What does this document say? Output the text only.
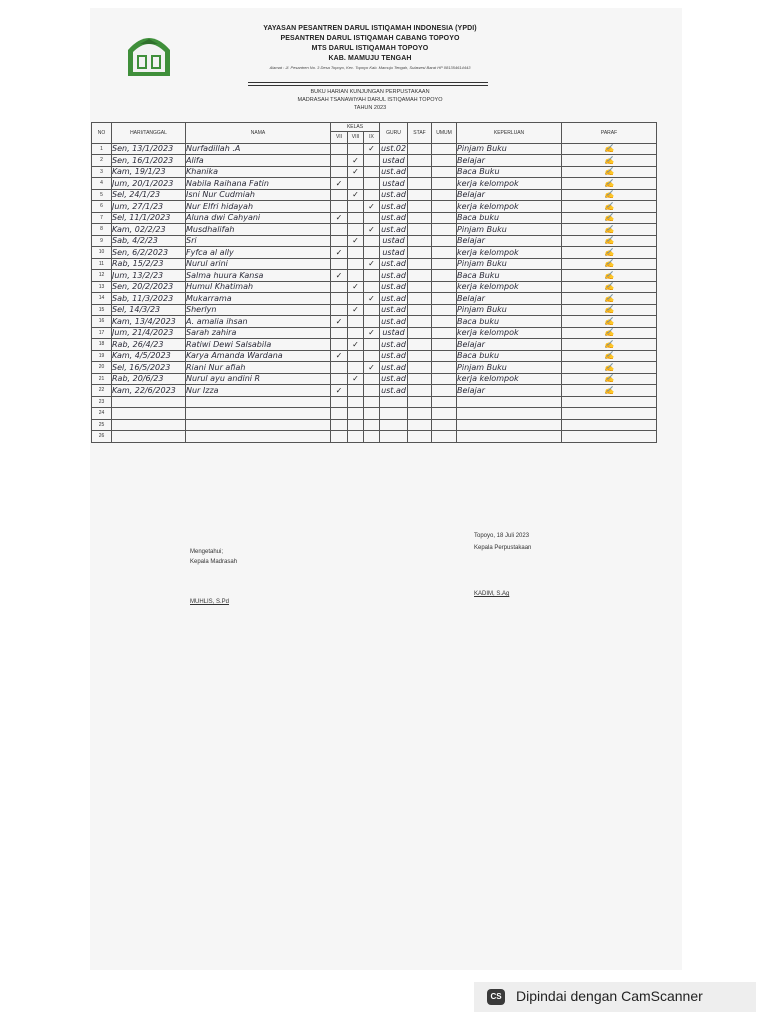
YAYASAN PESANTREN DARUL ISTIQAMAH INDONESIA (YPDI)
PESANTREN DARUL ISTIQAMAH CABANG TOPOYO
MTS DARUL ISTIQAMAH TOPOYO
KAB. MAMUJU TENGAH
Alamat : Jl. Pesantren No. 3 Desa Topoyo, Kec. Topoyo Kab. Mamuju Tengah, Sulawesi Barat HP 081354614443
BUKU HARIAN KUNJUNGAN PERPUSTAKAAN
MADRASAH TSANAWIYAH DARUL ISTIQAMAH TOPOYO
TAHUN 2023
NO	HARI/TANGGAL	NAMA	KELAS			GURU	STAF	UMUM	KEPERLUAN	PARAF
			VII	VIII	IX					
1	Sen, 13/1/2023	Nurfadillah .A			✓	ust.02			Pinjam Buku	✍
2	Sen, 16/1/2023	Alifa		✓		ustad			Belajar	✍
3	Kam, 19/1/23	Khanika		✓		ust.ad			Baca Buku	✍
4	Jum, 20/1/2023	Nabila Raihana Fatin	✓			ustad			kerja kelompok	✍
5	Sel, 24/1/23	Isni Nur Cudmiah		✓		ust.ad			Belajar	✍
6	Jum, 27/1/23	Nur Elfri hidayah			✓	ust.ad			kerja kelompok	✍
7	Sel, 11/1/2023	Aluna dwi Cahyani	✓			ust.ad			Baca buku	✍
8	Kam, 02/2/23	Musdhalifah			✓	ust.ad			Pinjam Buku	✍
9	Sab, 4/2/23	Sri		✓		ustad			Belajar	✍
10	Sen, 6/2/2023	Fyfca al ally	✓			ustad			kerja kelompok	✍
11	Rab, 15/2/23	Nurul arini			✓	ust.ad			Pinjam Buku	✍
12	Jum, 13/2/23	Salma huura Kansa	✓			ust.ad			Baca Buku	✍
13	Sen, 20/2/2023	Humul Khatimah		✓		ust.ad			kerja kelompok	✍
14	Sab, 11/3/2023	Mukarrama			✓	ust.ad			Belajar	✍
15	Sel, 14/3/23	Sherlyn		✓		ust.ad			Pinjam Buku	✍
16	Kam, 13/4/2023	A. amalia ihsan	✓			ust.ad			Baca buku	✍
17	Jum, 21/4/2023	Sarah zahira			✓	ustad			kerja kelompok	✍
18	Rab, 26/4/23	Ratiwi Dewi Salsabila		✓		ust.ad			Belajar	✍
19	Kam, 4/5/2023	Karya Amanda Wardana	✓			ust.ad			Baca buku	✍
20	Sel, 16/5/2023	Riani Nur afiah			✓	ust.ad			Pinjam Buku	✍
21	Rab, 20/6/23	Nurul ayu andini R		✓		ust.ad			kerja kelompok	✍
22	Kam, 22/6/2023	Nur Izza	✓			ust.ad			Belajar	✍
23										
24										
25										
26										
Topoyo, 18 Juli 2023
Kepala Perpustakaan
KADIM, S.Ag
Mengetahui;
Kepala Madrasah
MUHLIS, S.Pd
CS Dipindai dengan CamScanner
